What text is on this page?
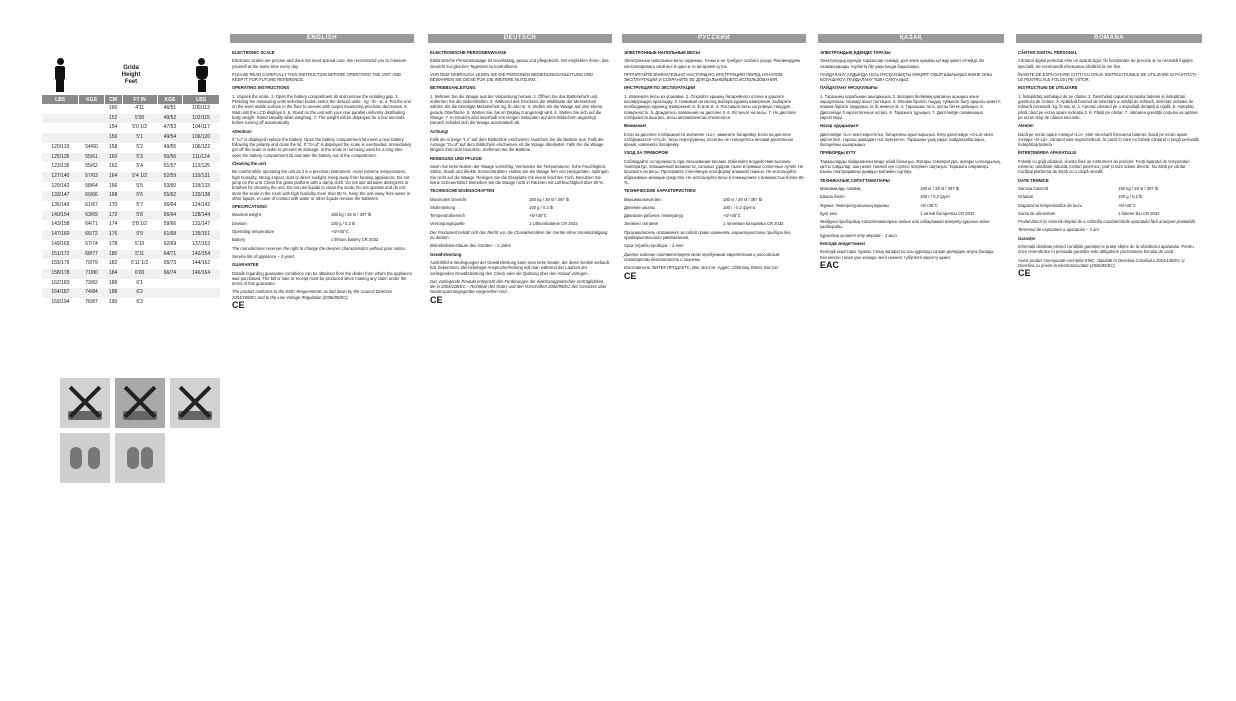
Grida
Height
Feet
LBS	KGS	CM	FT IN	KGS	LBS
		160	4'11	46/51	100/113
		152	5'00	49/52	102/115
		154	5'0 1/2	47/53	104/117
		156	5'1	49/54	106/120
120/133	54/60	158	5'2	49/55	106/122
125/135	55/61	160	5'3	50/56	111/124
123/136	55/62	162	5'4	51/57	113/125
127/140	57/63	164	5'4 1/2	52/59	115/131
129/142	58/64	166	5'5	53/60	118/133
133/147	60/66	168	5'6	55/62	120/138
135/149	61/67	170	5'7	56/64	124/142
140/154	63/69	172	5'8	56/64	128/144
143/158	64/71	174	5'8 1/2	59/66	131/147
147/160	66/72	176	5'9	61/68	135/151
149/165	67/74	178	5'10	62/69	137/153
151/172	68/77	180	5'11	64/71	142/154
155/176	70/79	182	5'11 1/2	65/73	144/162
158/178	71/80	184	6'00	66/74	146/164
162/183	73/82	186	6'1		
164/187	74/84	188	6'2		
169/194	76/87	190	6'3		
ENGLISH

ELECTRONIC SCALE

Electronic scales are precise and does not need special care. We recommend you to measure yourself at the same time every day.

PLEASE READ CAREFULLY THIS INSTRUCTION BEFORE OPERATING THE UNIT AND KEEP IT FOR FUTURE REFERENCE.

OPERATING INSTRUCTIONS

1. Unpack the scale. 2. Open the battery compartment lid and remove the isolating gap. 3. Pressing the measuring units selection button select the desired units - kg - lb - st. 4. Put the unit on the even stable surface in the floor to uneven with carpet measuring precision decreases. 5. Wait until the LCD displays 0. 6. Stand on the unit with your rear parallel uniformly distributing body weight. Stand steadily while weighing. 7. The weight will be displayed for a few seconds before turning off automatically.

Attention!

If "Lo" is displayed replace the battery. Open the battery compartment lid insert a new battery following the polarity and close the lid. If "O-Ld" is displayed the scale is overloaded. Immediately get off the scale in order to prevent its damage. In the scale is not being used for a long time open the battery compartment lid and take the battery out of the compartment.

Cleaning the unit

Be careful while operating the unit as it is a precision instrument. Avoid extreme temperatures, high humidity, strong impact, dust or direct sunlight. Keep away from heating appliances. Do not jump on the unit. Clean the glass platform with a damp cloth. Do not use abrasive detergents or brushes for cleaning the unit. Do not use liquids to clean the scale. Do not operate and do not store the scale in the room with high humidity more than 80 %. Keep the unit away from water or other liquids. In case of contact with water or other liquids remove the batteries.

SPECIFICATIONS

Maximal weight	180 kg / 28 st / 397 lb

Division	100 g / 0.2 lb

Operating temperature	+5/+35°C

Battery	1 lithium battery CR 2032

The manufacturer reserves the right to change the devices characteristics without prior notice.

Service life of appliance – 3 years

GUARANTEE

Details regarding guarantee conditions can be obtained from the dealer from whom the appliance was purchased. The bill or sale or receipt must be produced when making any claim under the terms of this guarantee.

The product conforms to the EMC-Requirements as laid down by the Council Directive 2004/108/EC and to the Low Voltage Regulation (2006/95/EC).

CE
DEUTSCH

ELEKTRONISCHE PERSONENWAAGE

Elektronische Personenwaage ist zuverlässig, genau und pflegeleicht. Wir empfehlen Ihnen, das Gewicht zur gleichen Tageszeit zu kontrollieren.

VOR DEM GEBRAUCH LESEN SIE DIE PERSONEN BEDIENUNGSANLEITUNG UND BEWAHREN SIE DIESE FÜR DIE WEITERE NUTZUNG.

BETRIEBSANLEITUNG

1. Nehmen Sie die Waage aus der Verpackung heraus. 2. Öffnen Sie das Batteriefach und entfernen Sie die Isolierstreifen. 3. Während des Drückens der Wahltaste der Messeinheit wählen Sie die benötigte Messeinheit: kg, lb oder st. 4. Stellen Sie die Waage auf eine ebene, gerade Oberfläche. 5. Warten Sie, bis im Display 0 angezeigt wird. 6. Stellen Sie sich auf die Waage. 7. In Gewicht wird innerhalb von einigen Sekunden auf dem Bildschirm angezeigt. Danach schaltet sich die Waage automatisch ab.

Achtung!

Falls die Anzeige "Lo" auf dem Bildschirm erscheinen, tauschen Sie die Batterie aus. Falls die Anzeige "O-Ld" auf dem Bildschirm erscheinen, ist die Waage überlastet. Falls Sie die Waage längere Zeit nicht benutzen, entfernen Sie die Batterie.

REINIGUNG UND PFLEGE

Seien Sie beim Nutzen der Waage vorsichtig. Vermeiden Sie Temperaturen, hohe Feuchtigkeit, Stöße, Staub und direkte Sonnenstrahlen. Halten Sie die Waage fern von Heizgeräten. Springen Sie nicht auf die Waage. Reinigen Sie die Glasplatte mit einem feuchten Tuch. Benutzen Sie keine Scheuermittel. Betreiben Sie die Waage nicht in Räumen mit Luftfeuchtigkeit über 80 %.

TECHNISCHE EIGENSCHAFTEN

Maximales Gewicht	180 kg / 28 st / 397 lb

Skalenteilung	100 g / 0.2 lb

Temperaturbereich	+5/+35°C

Versorgungsquelle	1 Lithiumbatterie CR 2032

Der Produzent behält sich das Recht vor, die Charakteristiken der Geräte ohne Vorankündigung zu ändern.

Betriebslebensdauer des Gerätes – 3 Jahre

Gewährleistung

Ausführliche Bedingungen der Gewährleistung kann man beim Dealer, der diese Geräte verkauft hat, bekommen. Bei beliebiger Ansprucherhebung soll man während der Laufzeit der vorliegenden Gewährleistung den Check oder die Quittung über den Ankauf vorlegen.

Das vorliegende Produkt entspricht den Forderungen der elektromagnetischen Verträglichkeit, die in 2004/108/EC – Richtlinie des Rates und den Vorschriften 2006/95/EC des Gesetzes über Niederspannungsgeräte vorgesehen sind.

CE
РУССКИЙ

ЭЛЕКТРОННЫЕ НАПОЛЬНЫЕ ВЕСЫ

Электронные напольные весы надежны, точны и не требуют особого ухода. Рекомендуем контролировать свой вес в одно и то же время суток.

ПРОЧИТАЙТЕ ВНИМАТЕЛЬНО НАСТОЯЩУЮ ИНСТРУКЦИЮ ПЕРЕД НАЧАЛОМ ЭКСПЛУАТАЦИИ И СОХРАНИТЕ ЕЕ ДЛЯ ДАЛЬНЕЙШЕГО ИСПОЛЬЗОВАНИЯ.

ИНСТРУКЦИЯ ПО ЭКСПЛУАТАЦИИ

1. Извлеките весы из упаковки. 2. Откройте крышку батарейного отсека и удалите изолирующую прокладку. 3. Нажимая на кнопку выбора единиц измерения, выберите необходимую единицу измерения: кг, lb или st. 4. Поставьте весы на ровную твердую поверхность. 5. Дождитесь появления на дисплее 0. 6. Встаньте на весы. 7. На дисплее отобразится ваш вес, весы автоматически отключатся.

Внимание!

Если на дисплее отображается значение «Lo», замените батарейку. Если на дисплее отображается «O-Ld», весы перегружены. Если вы не пользуетесь весами длительное время, извлеките батарейку.

УХОД ЗА ПРИБОРОМ

Соблюдайте осторожность при пользовании весами. Избегайте воздействия высоких температур, повышенной влажности, сильных ударов, пыли и прямых солнечных лучей. Не прыгайте на весы. Протирайте стеклянную платформу влажной тканью. Не используйте абразивные моющие средства. Не используйте весы в помещениях с влажностью более 80 %.

ТЕХНИЧЕСКИЕ ХАРАКТЕРИСТИКИ

Максимальный вес	180 кг / 28 st / 397 lb

Деление шкалы	100 г / 0.2 фунта

Диапазон рабочих температур	+5/+35°C

Элемент питания	1 литиевая батарейка CR 2032

Производитель оставляет за собой право изменять характеристики прибора без предварительного уведомления.

Срок службы прибора – 3 лет

Данное изделие соответствует всем требуемым европейским и российским стандартам безопасности и гигиены.

Изготовитель: ВИТЕК ПРОДАКТС, Инк. Бостон. Адрес: 1050 Bay Street, Бостон

CE
ҚАЗАҚ

ЭЛЕКТРОНДЫҚ ЕДЕНДІК ТАРАЗЫ

Электрондық едендік таразылар сенімді, дәл және арнайы күтімді қажет етпейді. Өз салмағыңызды тәуліктің бір уақытында бақылаңыз.

ПАЙДАЛАНУ АЛДЫНДА ОСЫ НҰСҚАУЛЫҚТЫ МҰҚИЯТ ОҚЫП ШЫҒЫҢЫЗ ЖӘНЕ ОНЫ БОЛАШАҚТА ПАЙДАЛАНУ ҮШІН САҚТАҢЫЗ.

ПАЙДАЛАНУ НҰСҚАУЛЫҒЫ

1. Таразыны қорабынан шығарыңыз. 2. Батарея бөлімінің қақпағын ашыңыз және оқшаулағыш төсемді алып тастаңыз. 3. Өлшем бірлігін таңдау түймесін басу арқылы қажетті өлшем бірлігін таңдаңыз: кг, lb немесе st. 4. Таразыны тегіс, қатты бетке қойыңыз. 5. Дисплейде 0 көрсетілгенше күтіңіз. 6. Таразыға тұрыңыз. 7. Дисплейде салмағыңыз көрсетіледі.

Назар аударыңыз!

Дисплейде «Lo» мәні көрсетілсе, батареяны ауыстырыңыз. Егер дисплейде «O-Ld» мәні көрсетілсе, таразы шамадан тыс жүктелген. Таразыны ұзақ уақыт пайдаланбасаңыз, батареяны шығарыңыз.

ПРИБОРДЫ КҮТУ

Таразыларды пайдаланған кезде абай болыңыз. Жоғары температура, жоғары ылғалдылық, қатты соққылар, шаң және тікелей күн сәулесі әсерінен сақтаңыз. Таразыға секірмеңіз. Шыны платформаны дымқыл матамен сүртіңіз.

ТЕХНИКАЛЫҚ СИПАТТАМАЛАРЫ

Максималды салмақ	180 кг / 28 st / 397 lb

Шкала бөлігі	100 г / 0,2 фунт

Жұмыс температурасының ауқымы	+5/+35°C

Қуат көзі	1 литий батареясы CR 2032

Өндіруші прибордың сипаттамаларын алдын ала хабарламай өзгерту құқығын өзіне қалдырады.

Құралдың қызмет ету мерзімі – 3 жыл

Кепілдік міндеттемесі

Кепілдік шарттары туралы толық ақпаратты осы құралды сатқан дилерден алуға болады. Кез-келген талап қою кезінде чекті немесе түбіртекті көрсету қажет.

EAC
ROMÂNĂ

CÂNTAR DIGITAL PERSONAL

Cântarul digital personal este un aparat sigur, fin funcționare de precizie și nu necesită îngrijire specială. Se recomandă efectuarea cântăririi la ore fixe.

ÎNAINTE DE EXPLOATARE CITIȚI CU GRIJĂ INSTRUCȚIUNILE DE UTILIZARE ȘI PĂSTRAȚI-LE PENTRU ALE FOLOSI PE VIITOR.

INSTRUCȚIUNI DE UTILIZARE

1. Îndepărtați ambalajul de pe cântar. 2. Deschideți capacul locașului bateriei și îndepărtați garnitura de izolare. 3. Apăsând butonul de selectare a unității de măsură, selectați unitatea de măsură necesară: kg, lb sau st. 4. Așezați cântarul pe o suprafață dreaptă și rigidă. 5. Așteptați până când pe ecran apare indicația 0. 6. Păsiți pe cântar. 7. Valoarea greutății corpului va apărea pe ecran timp de câteva secunde.

Atenție!

Dacă pe ecran apare mesajul «Lo», este necesară înlocuirea bateriei. Dacă pe ecran apare mesajul «O-Ld», cântarul este supraîncărcat. În cazul în care nu folosiți cântarul o lungă perioadă, îndepărtați bateria.

ÎNTREȚINEREA APARATULUI

Folosiți cu grijă cântarul, acesta fiind un instrument de precizie. Feriți aparatul de temperaturi extreme, umiditate ridicată, lovituri puternice, praf și raze solare directe. Nu săriți pe cântar. Curățați platforma de sticlă cu o cârpă umedă.

DATE TEHNICE

Sarcina maximă	180 kg / 28 st / 397 lb

Gradare	100 g / 0,2 lb

Diapazonul temperaturilor de lucru	+5/+35°C

Sursa de alimentare	1 baterie litiu CR 2032

Producătorul își rezervă dreptul de a schimba caracteristicile aparatului fără anunțare prealabilă.

Termenul de exploatare a aparatului – 3 ani.

Garanție

Informații detaliate privind condițiile garanției le puteți obține de la vânzătorul aparatului. Pentru orice revendicare în perioada garanției este obligatorie prezentarea bonului de casă.

Acest produs corespunde cerințelor EMC, stipulate în Directiva Consiliului 2004/108/EC și Directiva cu privire la electrosecuritate (2006/95/EC).

CE
